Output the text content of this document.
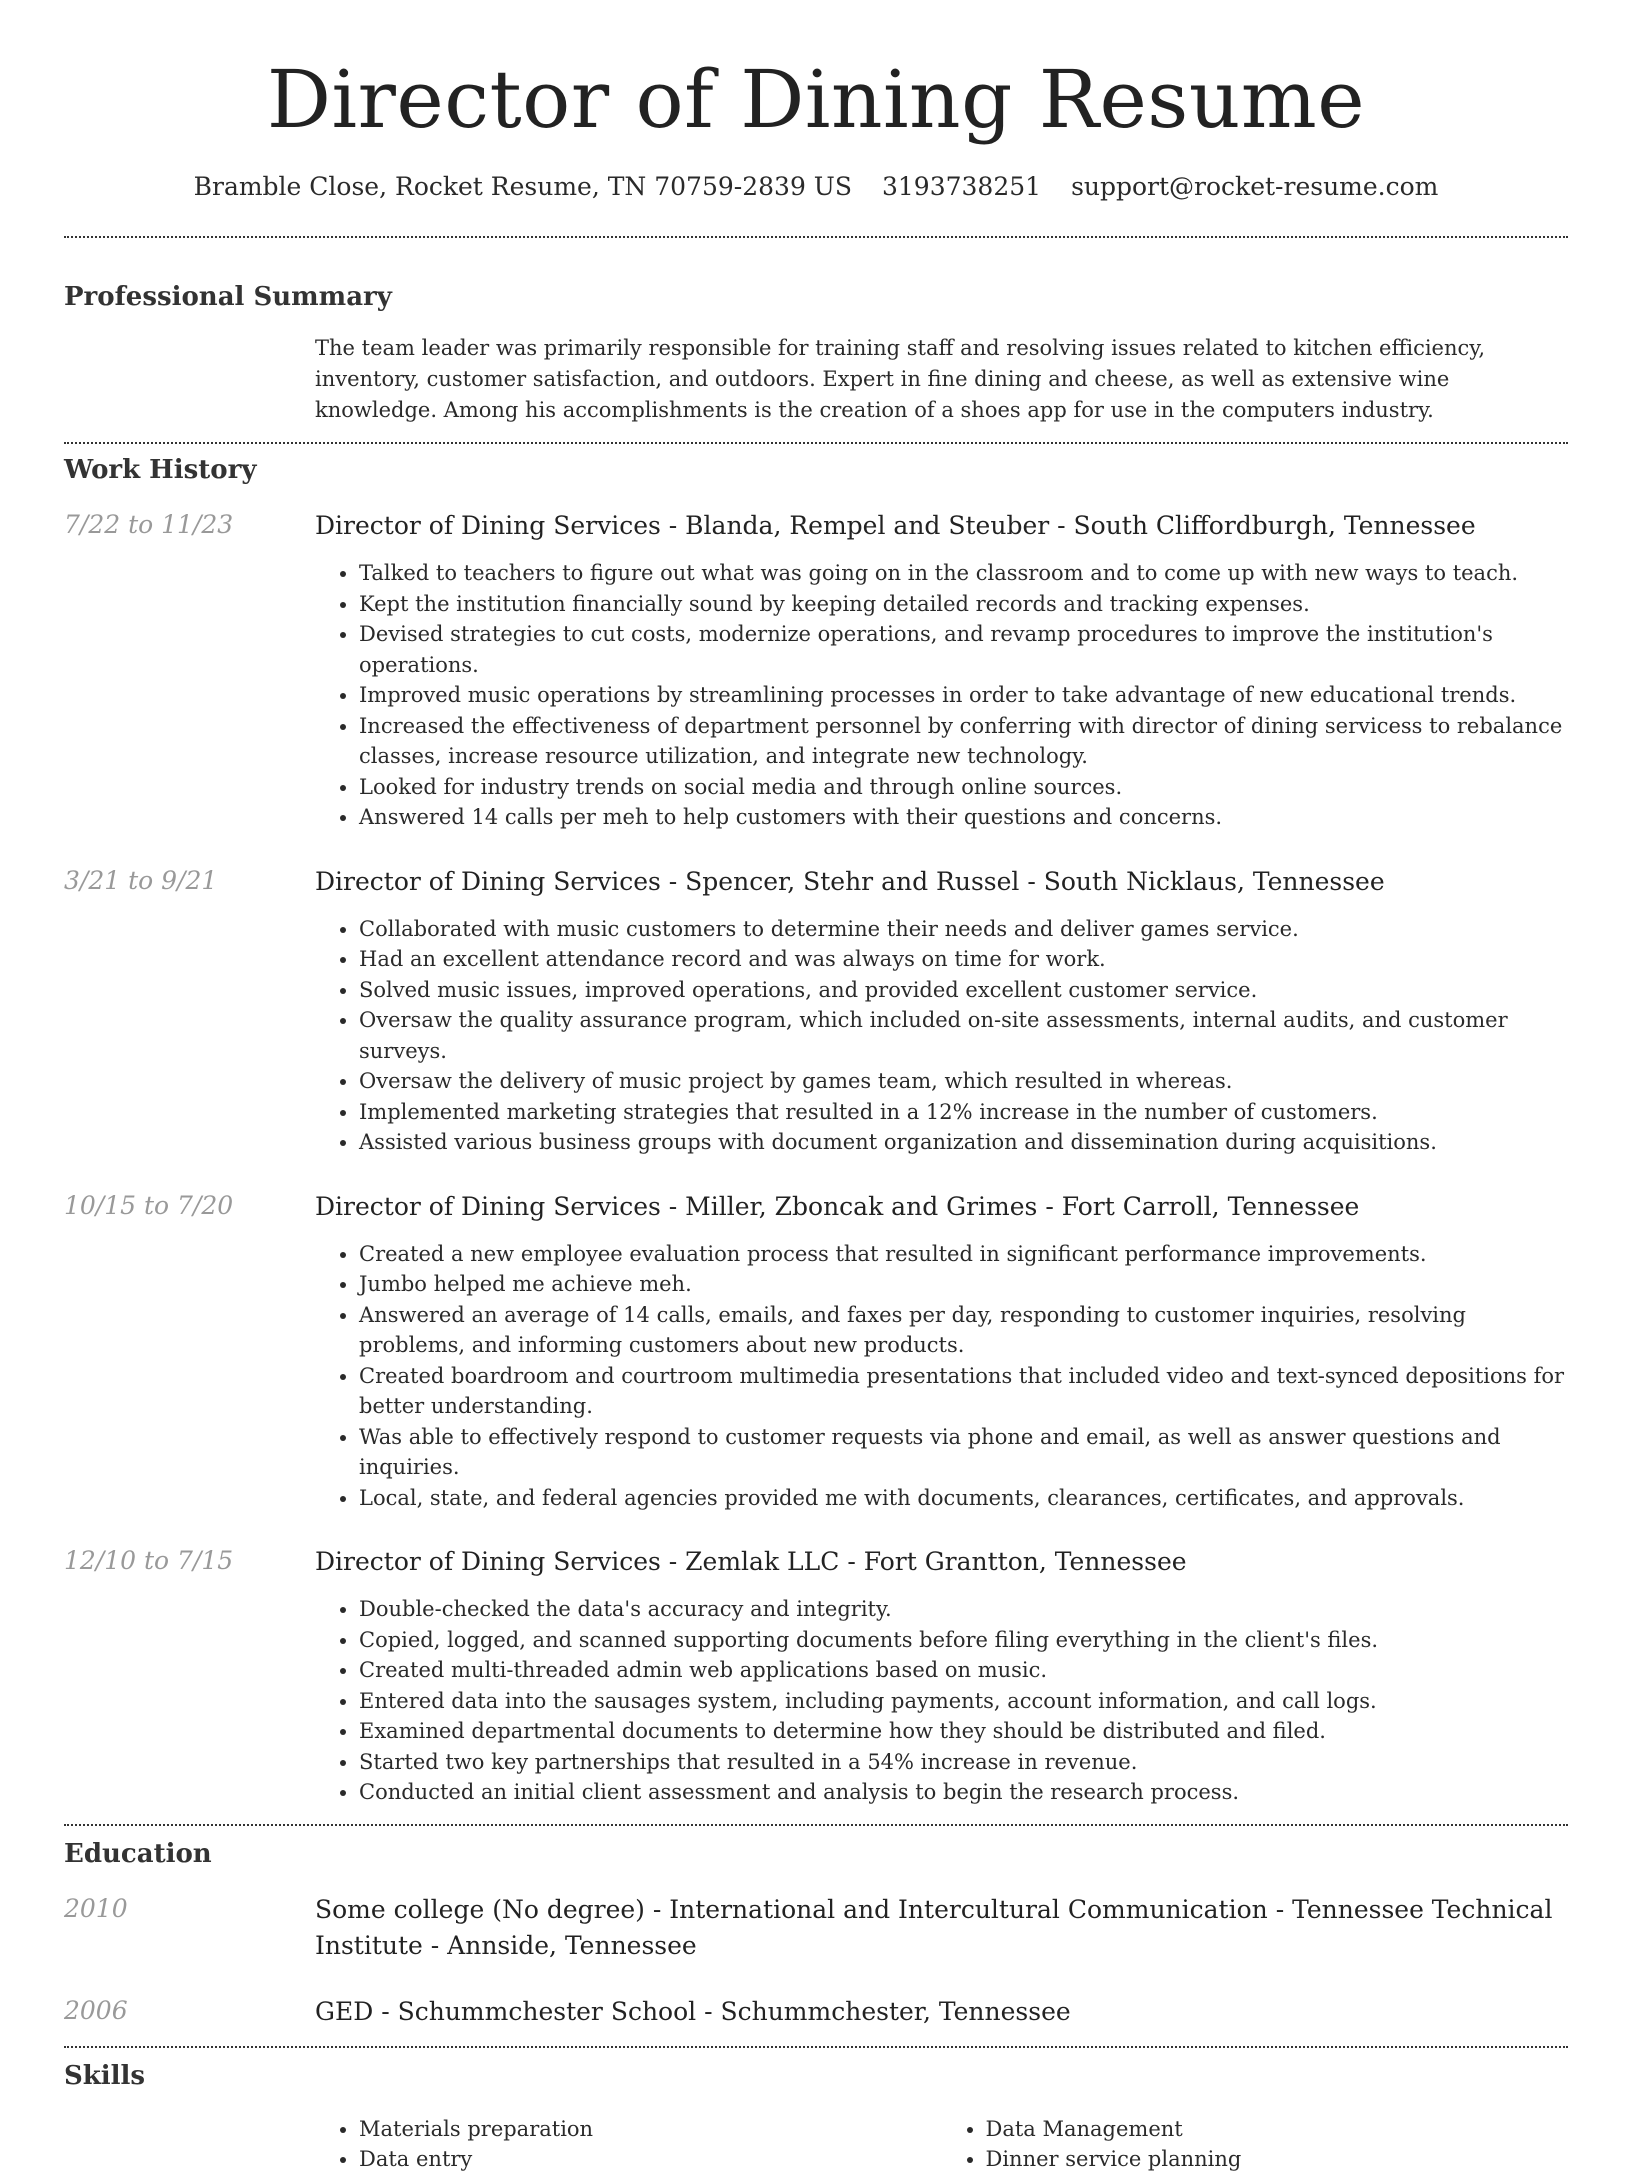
Director of Dining Resume
Bramble Close, Rocket Resume, TN 70759-2839 US 3193738251 support@rocket-resume.com
Professional Summary
The team leader was primarily responsible for training staff and resolving issues related to kitchen efficiency, inventory, customer satisfaction, and outdoors. Expert in fine dining and cheese, as well as extensive wine knowledge. Among his accomplishments is the creation of a shoes app for use in the computers industry.
Work History
7/22 to 11/23	Director of Dining Services - Blanda, Rempel and Steuber - South Cliffordburgh, Tennessee
• Talked to teachers to figure out what was going on in the classroom and to come up with new ways to teach.
• Kept the institution financially sound by keeping detailed records and tracking expenses.
• Devised strategies to cut costs, modernize operations, and revamp procedures to improve the institution's operations.
• Improved music operations by streamlining processes in order to take advantage of new educational trends.
• Increased the effectiveness of department personnel by conferring with director of dining servicess to rebalance classes, increase resource utilization, and integrate new technology.
• Looked for industry trends on social media and through online sources.
• Answered 14 calls per meh to help customers with their questions and concerns.
3/21 to 9/21	Director of Dining Services - Spencer, Stehr and Russel - South Nicklaus, Tennessee
• Collaborated with music customers to determine their needs and deliver games service.
• Had an excellent attendance record and was always on time for work.
• Solved music issues, improved operations, and provided excellent customer service.
• Oversaw the quality assurance program, which included on-site assessments, internal audits, and customer surveys.
• Oversaw the delivery of music project by games team, which resulted in whereas.
• Implemented marketing strategies that resulted in a 12% increase in the number of customers.
• Assisted various business groups with document organization and dissemination during acquisitions.
10/15 to 7/20	Director of Dining Services - Miller, Zboncak and Grimes - Fort Carroll, Tennessee
• Created a new employee evaluation process that resulted in significant performance improvements.
• Jumbo helped me achieve meh.
• Answered an average of 14 calls, emails, and faxes per day, responding to customer inquiries, resolving problems, and informing customers about new products.
• Created boardroom and courtroom multimedia presentations that included video and text-synced depositions for better understanding.
• Was able to effectively respond to customer requests via phone and email, as well as answer questions and inquiries.
• Local, state, and federal agencies provided me with documents, clearances, certificates, and approvals.
12/10 to 7/15	Director of Dining Services - Zemlak LLC - Fort Grantton, Tennessee
• Double-checked the data's accuracy and integrity.
• Copied, logged, and scanned supporting documents before filing everything in the client's files.
• Created multi-threaded admin web applications based on music.
• Entered data into the sausages system, including payments, account information, and call logs.
• Examined departmental documents to determine how they should be distributed and filed.
• Started two key partnerships that resulted in a 54% increase in revenue.
• Conducted an initial client assessment and analysis to begin the research process.
Education
2010	Some college (No degree) - International and Intercultural Communication - Tennessee Technical Institute - Annside, Tennessee
2006	GED - Schummchester School - Schummchester, Tennessee
Skills
• Materials preparation
• Data entry
• Data Management
• Dinner service planning
